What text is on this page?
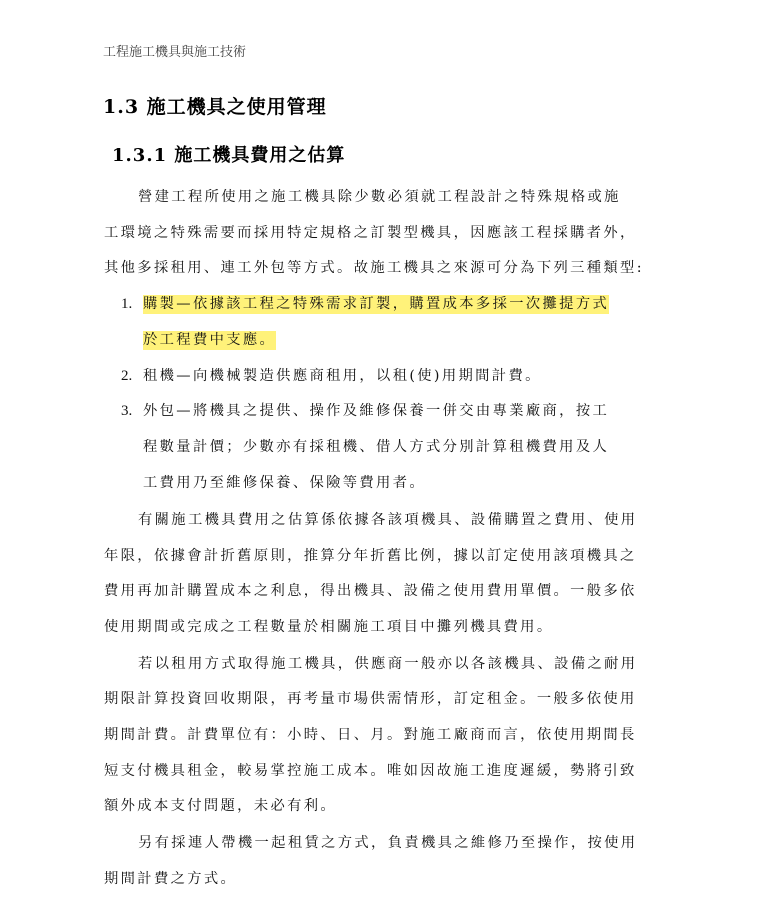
工程施工機具與施工技術
1.3 施工機具之使用管理
1.3.1 施工機具費用之估算
營建工程所使用之施工機具除少數必須就工程設計之特殊規格或施
工環境之特殊需要而採用特定規格之訂製型機具，因應該工程採購者外，
其他多採租用、連工外包等方式。故施工機具之來源可分為下列三種類型:
1. 購製—依據該工程之特殊需求訂製，購置成本多採一次攤提方式
於工程費中支應。
2. 租機—向機械製造供應商租用，以租(使)用期間計費。
3. 外包—將機具之提供、操作及維修保養一併交由專業廠商，按工
程數量計價；少數亦有採租機、借人方式分別計算租機費用及人
工費用乃至維修保養、保險等費用者。
有關施工機具費用之估算係依據各該項機具、設備購置之費用、使用
年限，依據會計折舊原則，推算分年折舊比例，據以訂定使用該項機具之
費用再加計購置成本之利息，得出機具、設備之使用費用單價。一般多依
使用期間或完成之工程數量於相關施工項目中攤列機具費用。
若以租用方式取得施工機具，供應商一般亦以各該機具、設備之耐用
期限計算投資回收期限，再考量市場供需情形，訂定租金。一般多依使用
期間計費。計費單位有：小時、日、月。對施工廠商而言，依使用期間長
短支付機具租金，較易掌控施工成本。唯如因故施工進度遲緩，勢將引致
額外成本支付問題，未必有利。
另有採連人帶機一起租賃之方式，負責機具之維修乃至操作，按使用
期間計費之方式。
